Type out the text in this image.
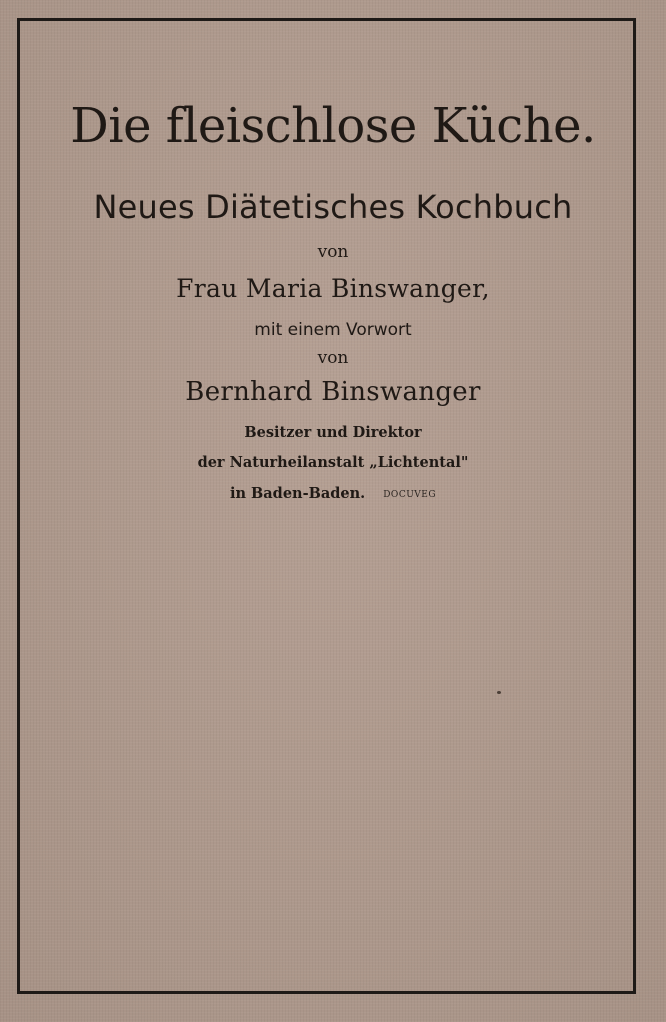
Die fleischlose Küche.
Neues Diätetisches Kochbuch
von
Frau Maria Binswanger,
mit einem Vorwort
von
Bernhard Binswanger
Besitzer und Direktor
der Naturheilanstalt „Lichtental"
in Baden-Baden. DOCUVEG
